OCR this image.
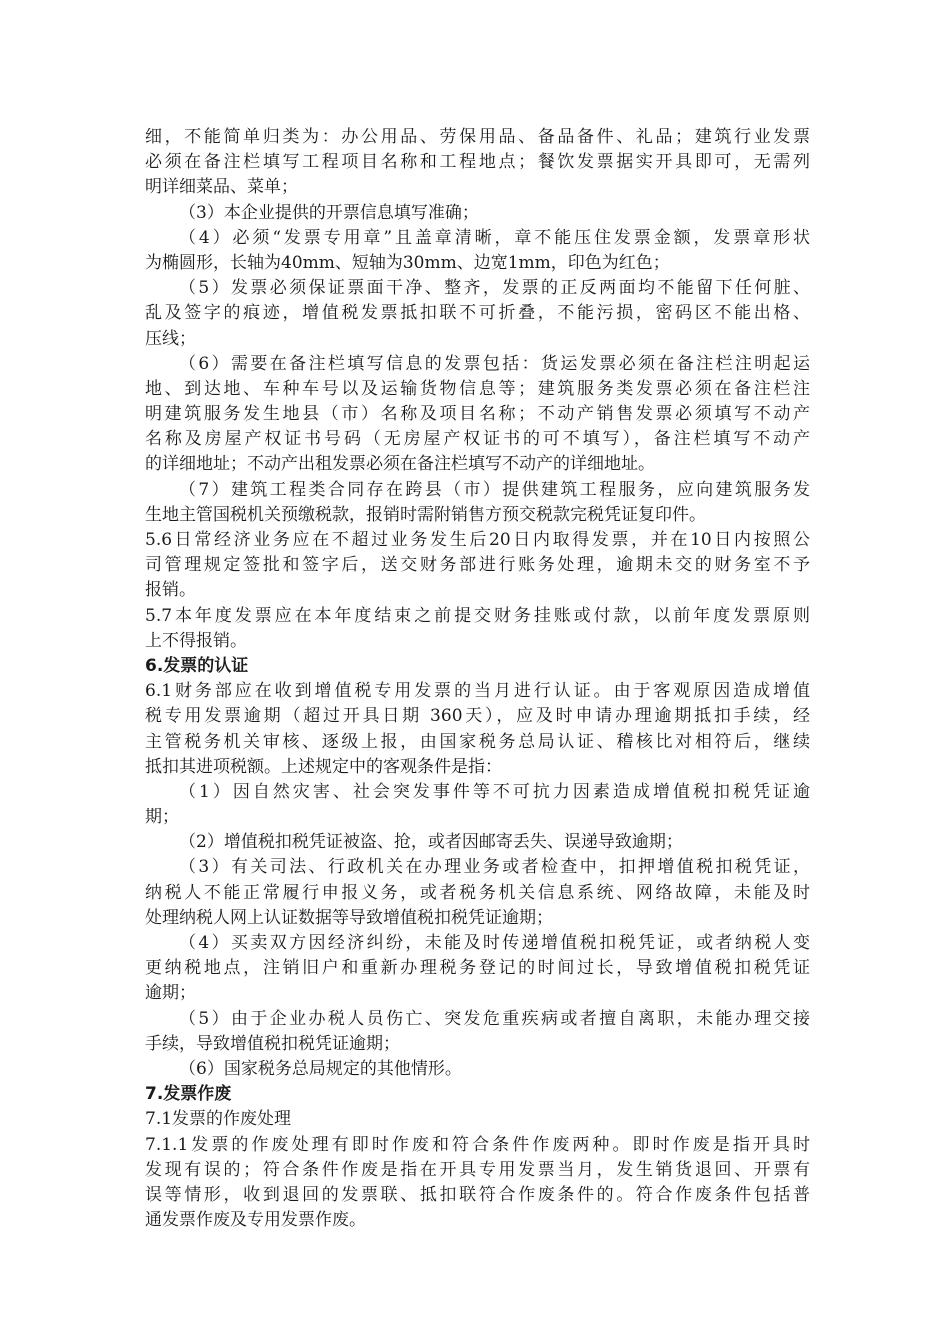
细，不能简单归类为：办公用品、劳保用品、备品备件、礼品；建筑行业发票
必须在备注栏填写工程项目名称和工程地点；餐饮发票据实开具即可，无需列
明详细菜品、菜单；
（3）本企业提供的开票信息填写准确；
（4）必须“发票专用章”且盖章清晰，章不能压住发票金额，发票章形状
为椭圆形，长轴为40mm、短轴为30mm、边宽1mm，印色为红色；
（5）发票必须保证票面干净、整齐，发票的正反两面均不能留下任何脏、
乱及签字的痕迹，增值税发票抵扣联不可折叠，不能污损，密码区不能出格、
压线；
（6）需要在备注栏填写信息的发票包括：货运发票必须在备注栏注明起运
地、到达地、车种车号以及运输货物信息等；建筑服务类发票必须在备注栏注
明建筑服务发生地县（市）名称及项目名称；不动产销售发票必须填写不动产
名称及房屋产权证书号码（无房屋产权证书的可不填写），备注栏填写不动产
的详细地址；不动产出租发票必须在备注栏填写不动产的详细地址。
（7）建筑工程类合同存在跨县（市）提供建筑工程服务，应向建筑服务发
生地主管国税机关预缴税款，报销时需附销售方预交税款完税凭证复印件。
5.6日常经济业务应在不超过业务发生后20日内取得发票，并在10日内按照公
司管理规定签批和签字后，送交财务部进行账务处理，逾期未交的财务室不予
报销。
5.7本年度发票应在本年度结束之前提交财务挂账或付款，以前年度发票原则
上不得报销。
6.发票的认证
6.1财务部应在收到增值税专用发票的当月进行认证。由于客观原因造成增值
税专用发票逾期（超过开具日期 360天），应及时申请办理逾期抵扣手续，经
主管税务机关审核、逐级上报，由国家税务总局认证、稽核比对相符后，继续
抵扣其进项税额。上述规定中的客观条件是指：
（1）因自然灾害、社会突发事件等不可抗力因素造成增值税扣税凭证逾
期；
（2）增值税扣税凭证被盗、抢，或者因邮寄丢失、误递导致逾期；
（3）有关司法、行政机关在办理业务或者检查中，扣押增值税扣税凭证，
纳税人不能正常履行申报义务，或者税务机关信息系统、网络故障，未能及时
处理纳税人网上认证数据等导致增值税扣税凭证逾期；
（4）买卖双方因经济纠纷，未能及时传递增值税扣税凭证，或者纳税人变
更纳税地点，注销旧户和重新办理税务登记的时间过长，导致增值税扣税凭证
逾期；
（5）由于企业办税人员伤亡、突发危重疾病或者擅自离职，未能办理交接
手续，导致增值税扣税凭证逾期；
（6）国家税务总局规定的其他情形。
7.发票作废
7.1发票的作废处理
7.1.1发票的作废处理有即时作废和符合条件作废两种。即时作废是指开具时
发现有误的；符合条件作废是指在开具专用发票当月，发生销货退回、开票有
误等情形，收到退回的发票联、抵扣联符合作废条件的。符合作废条件包括普
通发票作废及专用发票作废。
